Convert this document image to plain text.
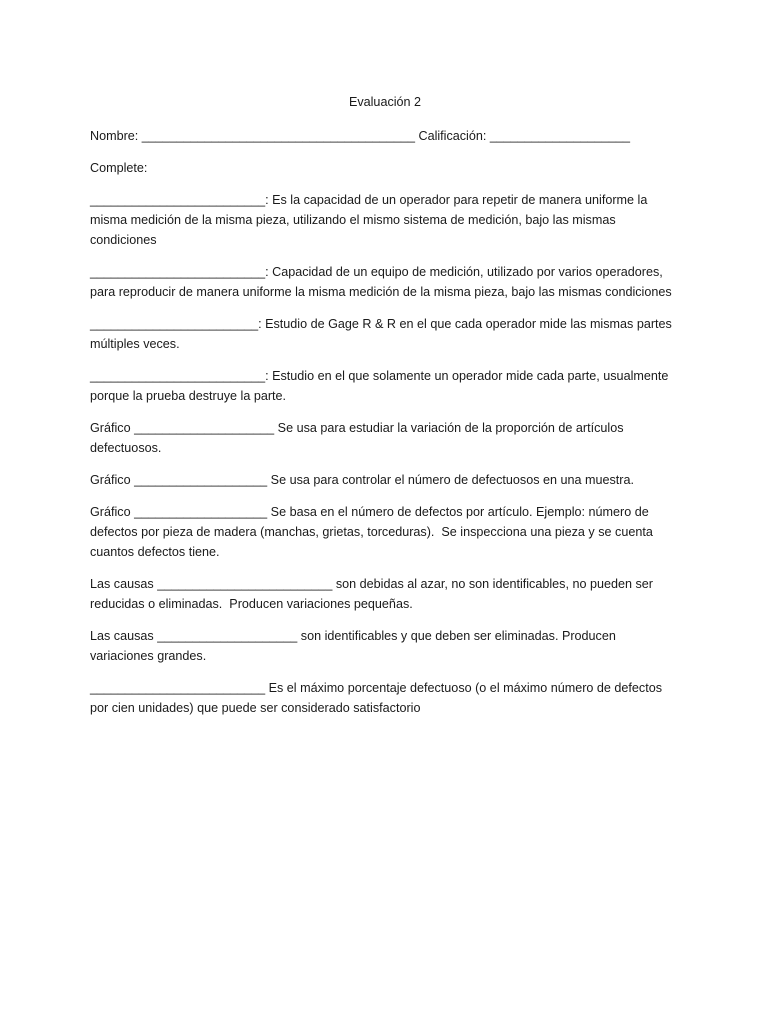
Evaluación 2

Nombre: _______________________________________ Calificación: ____________________

Complete:

_________________________: Es la capacidad de un operador para repetir de manera uniforme la misma medición de la misma pieza, utilizando el mismo sistema de medición, bajo las mismas condiciones

_________________________: Capacidad de un equipo de medición, utilizado por varios operadores, para reproducir de manera uniforme la misma medición de la misma pieza, bajo las mismas condiciones

________________________: Estudio de Gage R & R en el que cada operador mide las mismas partes múltiples veces.

_________________________: Estudio en el que solamente un operador mide cada parte, usualmente porque la prueba destruye la parte.

Gráfico ____________________ Se usa para estudiar la variación de la proporción de artículos defectuosos.

Gráfico ___________________ Se usa para controlar el número de defectuosos en una muestra.

Gráfico ___________________ Se basa en el número de defectos por artículo. Ejemplo: número de defectos por pieza de madera (manchas, grietas, torceduras).  Se inspecciona una pieza y se cuenta cuantos defectos tiene.

Las causas _________________________ son debidas al azar, no son identificables, no pueden ser reducidas o eliminadas.  Producen variaciones pequeñas.

Las causas ____________________ son identificables y que deben ser eliminadas. Producen variaciones grandes.

_________________________ Es el máximo porcentaje defectuoso (o el máximo número de defectos por cien unidades) que puede ser considerado satisfactorio
